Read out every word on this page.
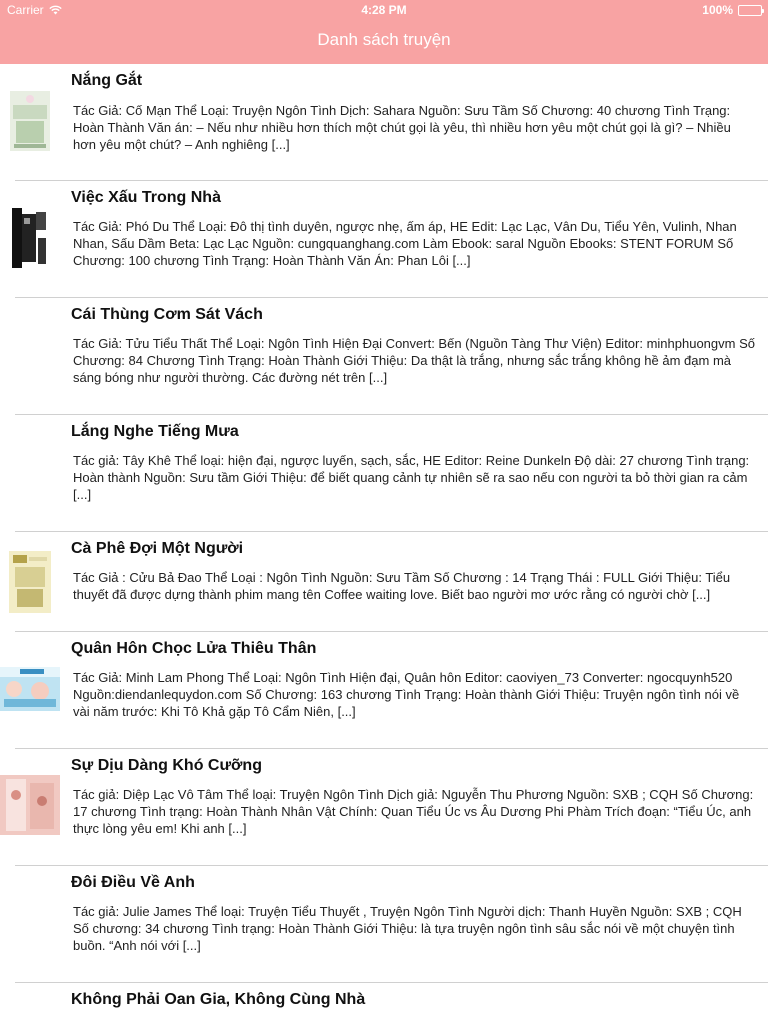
Carrier	4:28 PM	100%
Danh sách truyện
Nắng Gắt
Tác Giả: Cố Mạn Thể Loại: Truyện Ngôn Tình Dịch: Sahara Nguồn: Sưu Tầm Số Chương: 40 chương Tình Trạng: Hoàn Thành Văn án: – Nếu như nhiều hơn thích một chút gọi là yêu, thì nhiều hơn yêu một chút gọi là gì? – Nhiều hơn yêu một chút? – Anh nghiêng [...]
Việc Xấu Trong Nhà
Tác Giả: Phó Du Thể Loại: Đô thị tình duyên, ngược nhẹ, ấm áp, HE Edit: Lạc Lạc, Vân Du, Tiểu Yên, Vulinh, Nhan Nhan, Sấu Dầm Beta: Lạc Lạc Nguồn: cungquanghang.com Làm Ebook: saral Nguồn Ebooks: STENT FORUM Số Chương: 100 chương Tình Trạng: Hoàn Thành Văn Án: Phan Lôi [...]
Cái Thùng Cơm Sát Vách
Tác Giả: Tửu Tiểu Thất Thể Loại: Ngôn Tình Hiện Đại Convert: Bến (Nguồn Tàng Thư Viện) Editor: minhphuongvm Số Chương: 84 Chương Tình Trạng: Hoàn Thành Giới Thiệu: Da thật là trắng, nhưng sắc trắng không hề ảm đạm mà sáng bóng như người thường. Các đường nét trên [...]
Lắng Nghe Tiếng Mưa
Tác giả: Tây Khê Thể loại: hiện đại, ngược luyến, sạch, sắc, HE Editor: Reine Dunkeln Độ dài: 27 chương Tình trạng: Hoàn thành Nguồn: Sưu tầm Giới Thiệu: để biết quang cảnh tự nhiên sẽ ra sao nếu con người ta bỏ thời gian ra cảm [...]
Cà Phê Đợi Một Người
Tác Giả : Cửu Bả Đao Thể Loại : Ngôn Tình Nguồn: Sưu Tầm Số Chương : 14 Trạng Thái : FULL Giới Thiệu: Tiểu thuyết đã được dựng thành phim mang tên Coffee waiting love. Biết bao người mơ ước rằng có người chờ [...]
Quân Hôn Chọc Lửa Thiêu Thân
Tác Giả: Minh Lam Phong Thể Loại: Ngôn Tình Hiện đại, Quân hôn Editor: caoviyen_73 Converter: ngocquynh520 Nguồn:diendanlequydon.com Số Chương: 163 chương Tình Trạng: Hoàn thành Giới Thiệu: Truyện ngôn tình nói về vài năm trước: Khi Tô Khả gặp Tô Cẩm Niên, [...]
Sự Dịu Dàng Khó Cưỡng
Tác giả: Diệp Lạc Vô Tâm Thể loại: Truyện Ngôn Tình Dịch giả: Nguyễn Thu Phương Nguồn: SXB ; CQH Số Chương: 17 chương Tình trạng: Hoàn Thành Nhân Vật Chính: Quan Tiểu Úc vs Âu Dương Phi Phàm Trích đoạn: “Tiểu Úc, anh thực lòng yêu em! Khi anh [...]
Đôi Điều Về Anh
Tác giả: Julie James Thể loại: Truyện Tiểu Thuyết , Truyện Ngôn Tình Người dịch: Thanh Huyền Nguồn: SXB ; CQH Số chương: 34 chương Tình trạng: Hoàn Thành Giới Thiệu: là tựa truyện ngôn tình sâu sắc nói về một chuyện tình buồn. “Anh nói với [...]
Không Phải Oan Gia, Không Cùng Nhà
